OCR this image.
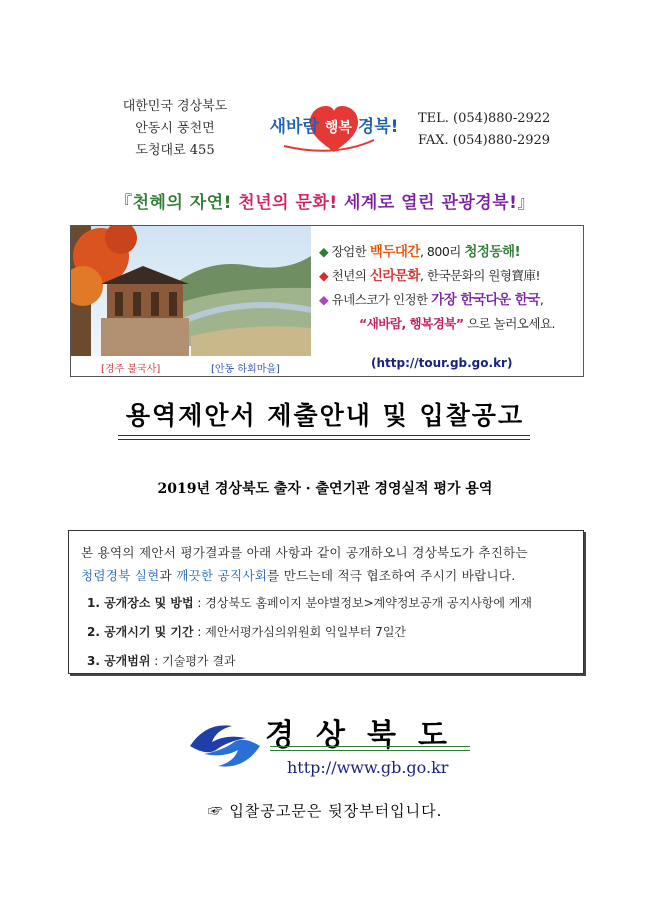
대한민국 경상북도
안동시 풍천면
도청대로 455
새바람 행복 경북!	TEL. (054)880-2922
FAX. (054)880-2929
『천혜의 자연! 천년의 문화! 세계로 열린 관광경북!』
[경주 불국사]	[안동 하회마을]
◆ 장엄한 백두대간, 800리 청정동해!
◆ 천년의 신라문화, 한국문화의 원형寶庫!
◆ 유네스코가 인정한 가장 한국다운 한국,
“새바람, 행복경북” 으로 놀러오세요.
(http://tour.gb.go.kr)
용역제안서 제출안내 및 입찰공고
2019년 경상북도 출자 · 출연기관 경영실적 평가 용역
본 용역의 제안서 평가결과를 아래 사항과 같이 공개하오니 경상북도가 추진하는
청렴경북 실현과 깨끗한 공직사회를 만드는데 적극 협조하여 주시기 바랍니다.
1. 공개장소 및 방법 : 경상북도 홈페이지 분야별정보>계약정보공개 공지사항에 게재
2. 공개시기 및 기간 : 제안서평가심의위원회 익일부터 7일간
3. 공개범위 : 기술평가 결과
경상북도
http://www.gb.go.kr
☞ 입찰공고문은 뒷장부터입니다.
